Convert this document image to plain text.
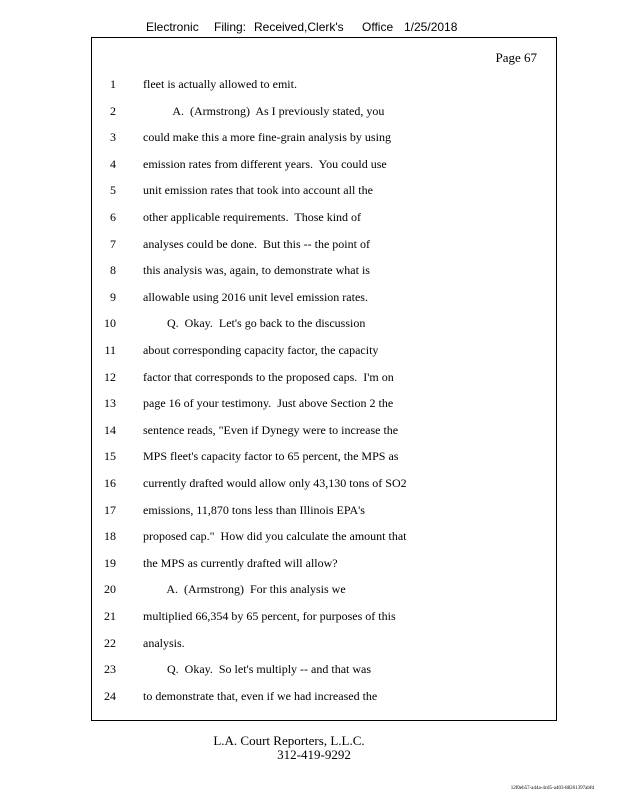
Electronic Filing: Received,Clerk's Office 1/25/2018
Page 67
1 fleet is actually allowed to emit.
2 A.  (Armstrong)  As I previously stated, you
3 could make this a more fine-grain analysis by using
4 emission rates from different years.  You could use
5 unit emission rates that took into account all the
6 other applicable requirements.  Those kind of
7 analyses could be done.  But this -- the point of
8 this analysis was, again, to demonstrate what is
9 allowable using 2016 unit level emission rates.
10 Q.  Okay.  Let's go back to the discussion
11 about corresponding capacity factor, the capacity
12 factor that corresponds to the proposed caps.  I'm on
13 page 16 of your testimony.  Just above Section 2 the
14 sentence reads, "Even if Dynegy were to increase the
15 MPS fleet's capacity factor to 65 percent, the MPS as
16 currently drafted would allow only 43,130 tons of SO2
17 emissions, 11,870 tons less than Illinois EPA's
18 proposed cap."  How did you calculate the amount that
19 the MPS as currently drafted will allow?
20 A.  (Armstrong)  For this analysis we
21 multiplied 66,354 by 65 percent, for purposes of this
22 analysis.
23 Q.  Okay.  So let's multiply -- and that was
24 to demonstrate that, even if we had increased the
L.A. Court Reporters, L.L.C.
312-419-9292
12f0eb57-a44a-4cd5-a403-88261397abfd
